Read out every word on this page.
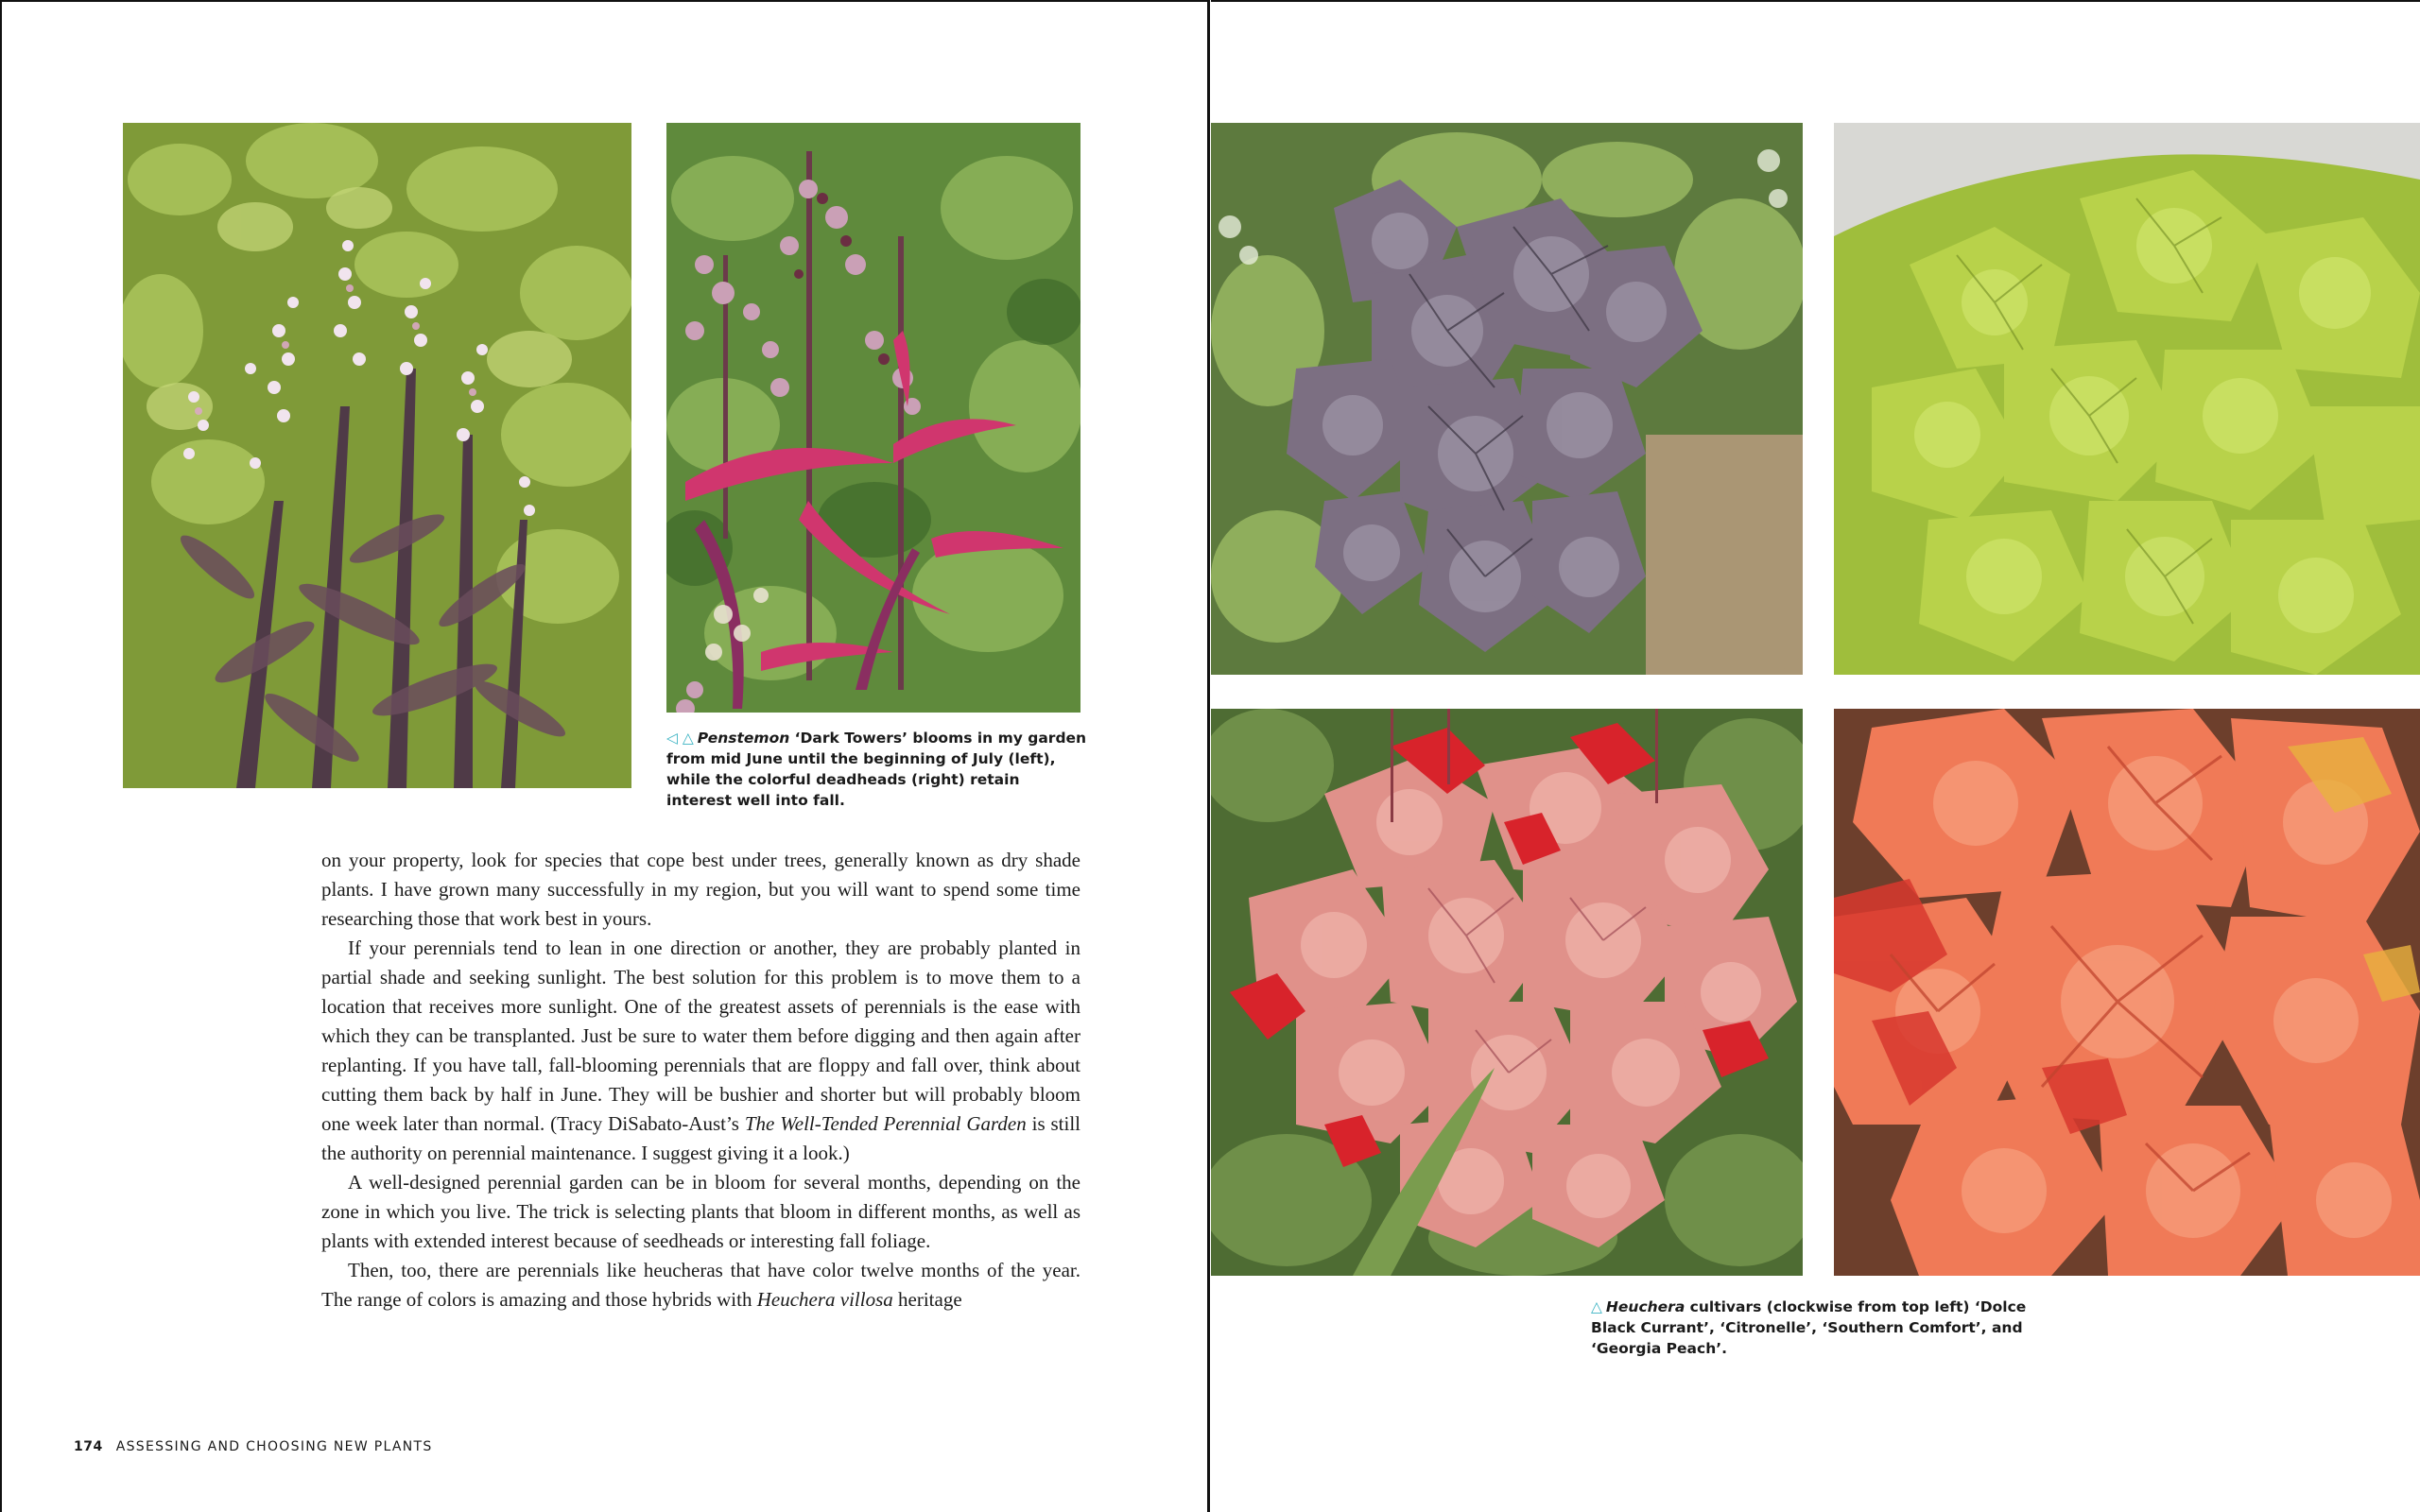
◁ △ Penstemon ‘Dark Towers’ blooms in my garden from mid June until the beginning of July (left), while the colorful deadheads (right) retain interest well into fall.

on your property, look for species that cope best under trees, generally known as dry shade plants. I have grown many successfully in my region, but you will want to spend some time researching those that work best in yours.

If your perennials tend to lean in one direction or another, they are probably planted in partial shade and seeking sunlight. The best solution for this problem is to move them to a location that receives more sunlight. One of the greatest assets of perennials is the ease with which they can be transplanted. Just be sure to water them before digging and then again after replanting. If you have tall, fall-blooming perennials that are floppy and fall over, think about cutting them back by half in June. They will be bushier and shorter but will probably bloom one week later than normal. (Tracy DiSabato-Aust’s The Well-Tended Perennial Garden is still the authority on perennial maintenance. I suggest giving it a look.)

A well-designed perennial garden can be in bloom for several months, depending on the zone in which you live. The trick is selecting plants that bloom in different months, as well as plants with extended interest because of seedheads or interesting fall foliage.

Then, too, there are perennials like heucheras that have color twelve months of the year. The range of colors is amazing and those hybrids with Heuchera villosa heritage

174 ASSESSING AND CHOOSING NEW PLANTS
△ Heuchera cultivars (clockwise from top left) ‘Dolce Black Currant’, ‘Citronelle’, ‘Southern Comfort’, and ‘Georgia Peach’.
